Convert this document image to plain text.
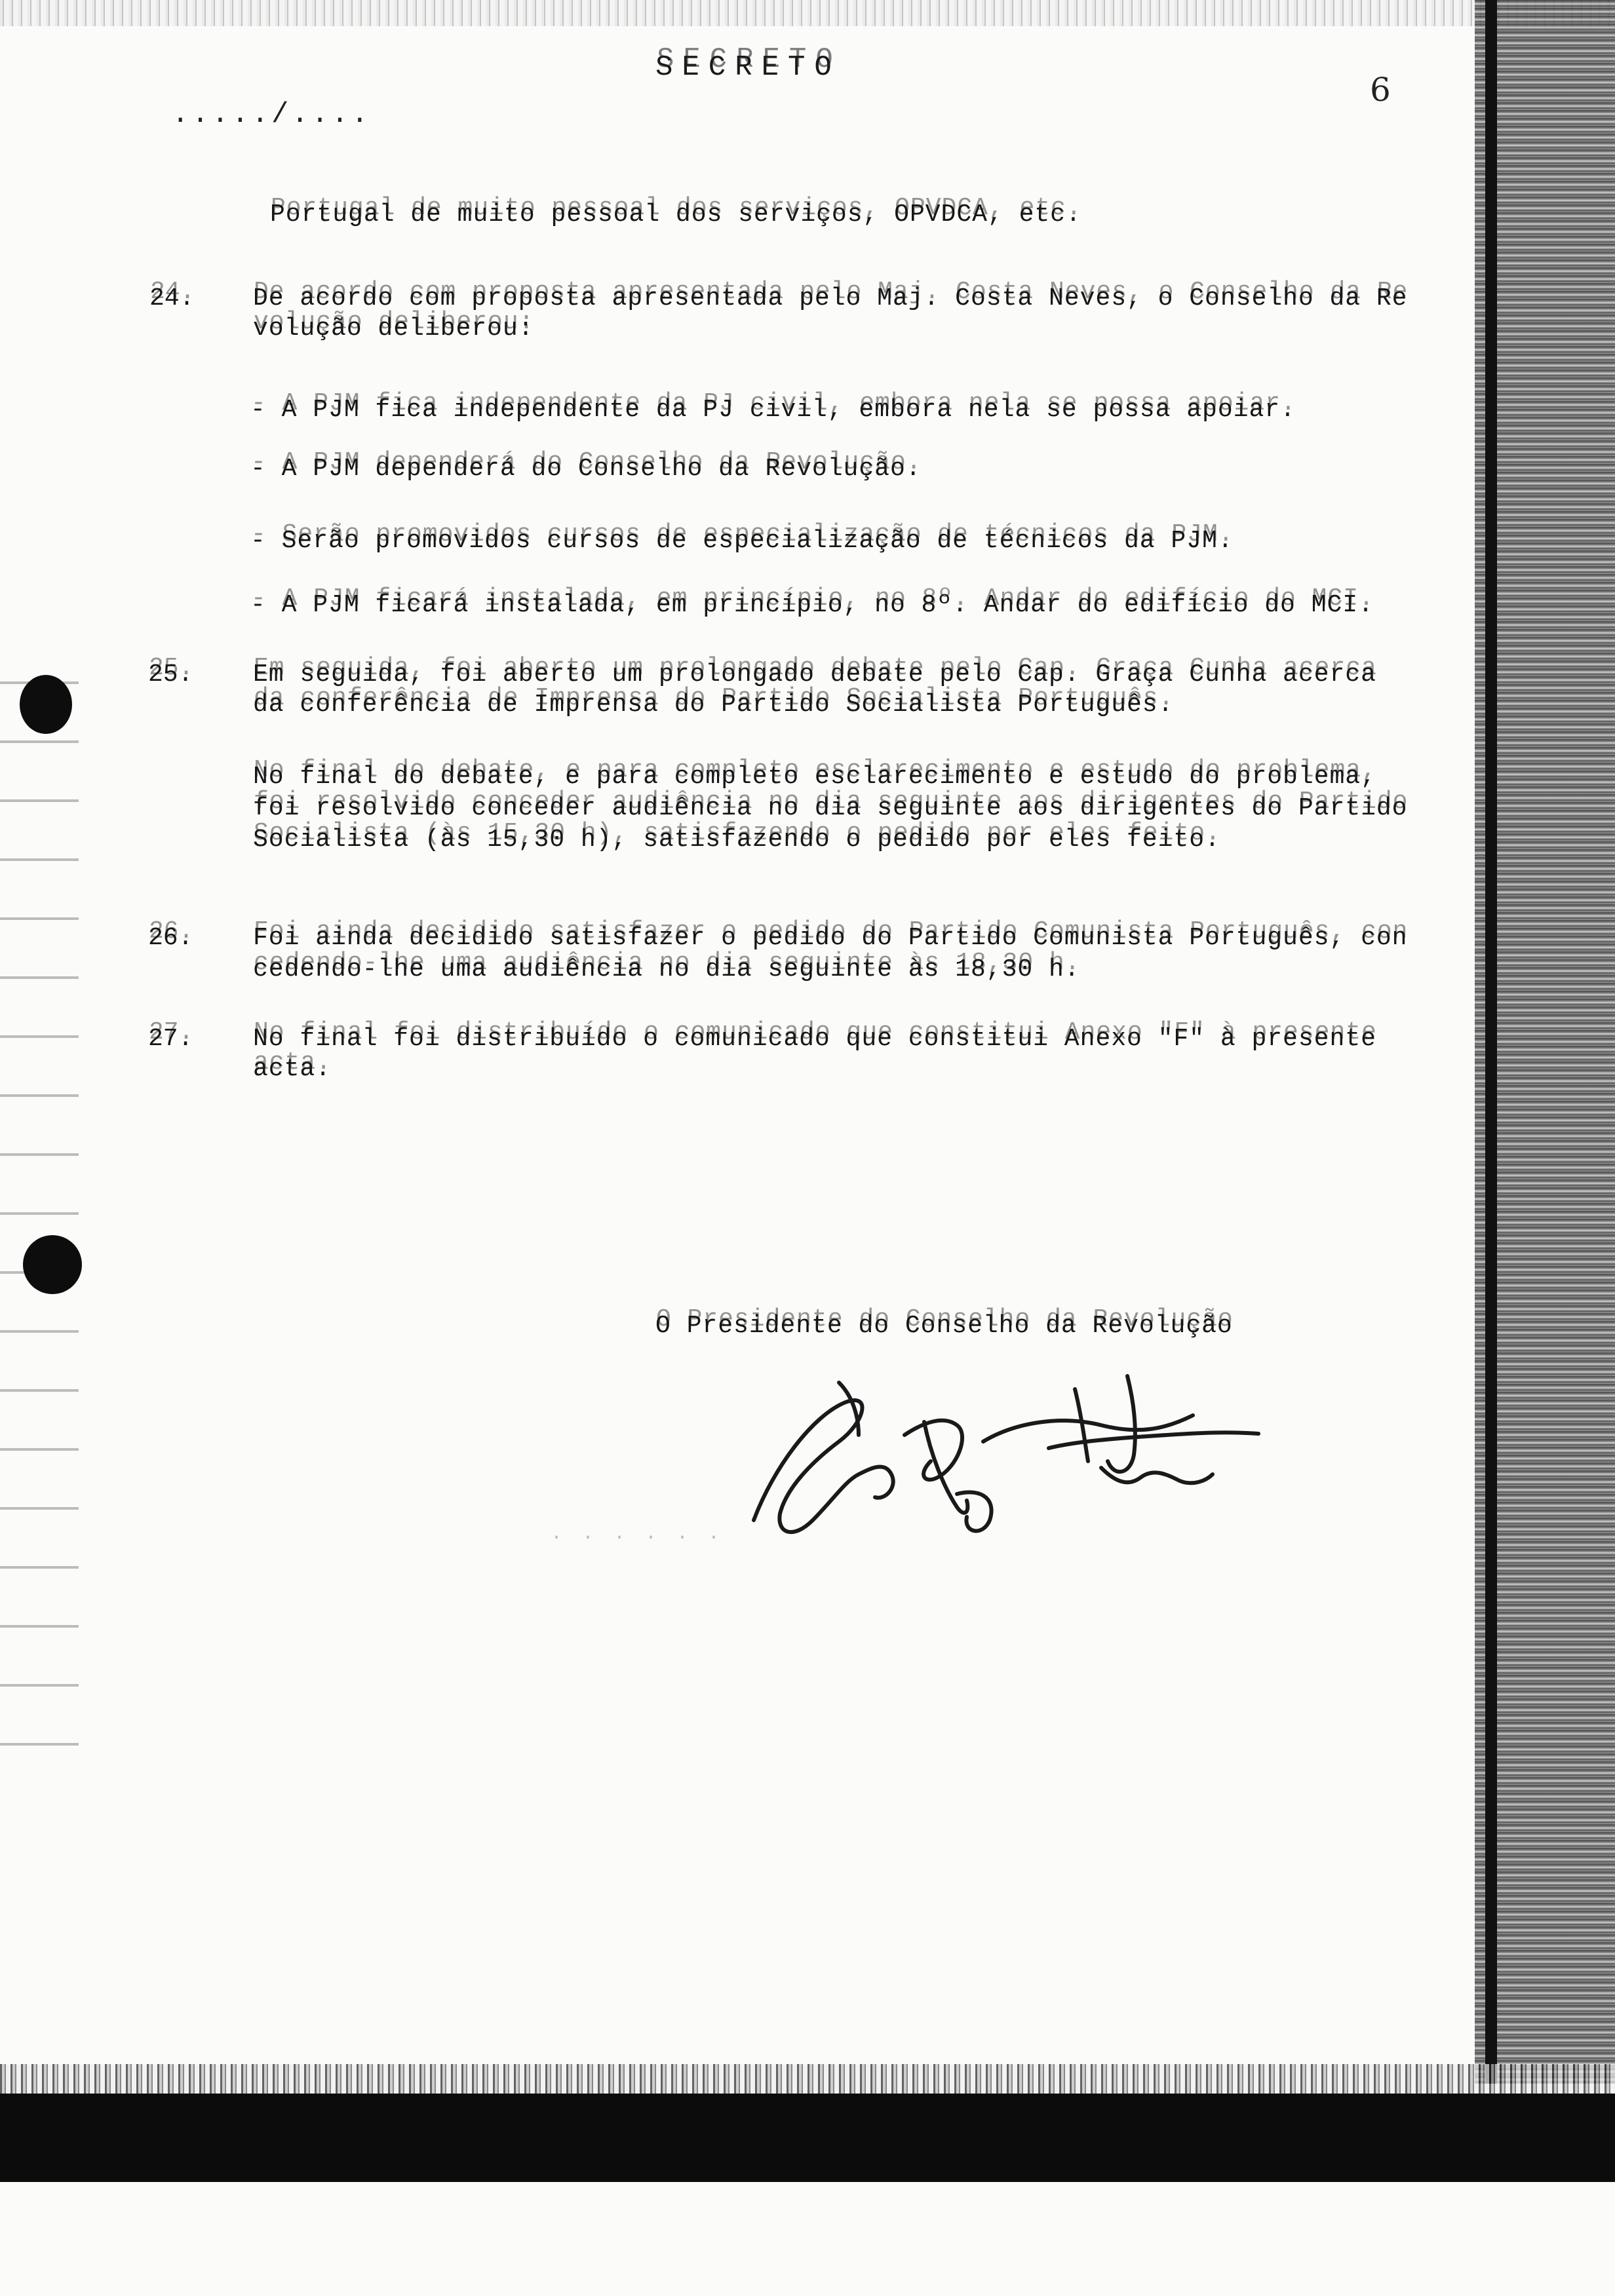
SECRETO
...../....
6
Portugal de muito pessoal dos serviços, OPVDCA, etc.
24. De acordo com proposta apresentada pelo Maj. Costa Neves, o Conselho da Re
volução deliberou:
- A PJM fica independente da PJ civil, embora nela se possa apoiar.
- A PJM dependerá do Conselho da Revolução.
- Serão promovidos cursos de especialização de técnicos da PJM.
- A PJM ficará instalada, em princípio, no 8º. Andar do edifício do MCI.
25. Em seguida, foi aberto um prolongado debate pelo Cap. Graça Cunha acerca
da conferência de Imprensa do Partido Socialista Português.
No final do debate, e para completo esclarecimento e estudo do problema,
foi resolvido conceder audiência no dia seguinte aos dirigentes do Partido
Socialista (às 15,30 h), satisfazendo o pedido por eles feito.
26. Foi ainda decidido satisfazer o pedido do Partido Comunista Português, con
cedendo-lhe uma audiência no dia seguinte às 18,30 h.
27. No final foi distribuído o comunicado que constitui Anexo "F" à presente
acta.
O Presidente do Conselho da Revolução
· · · · · ·
